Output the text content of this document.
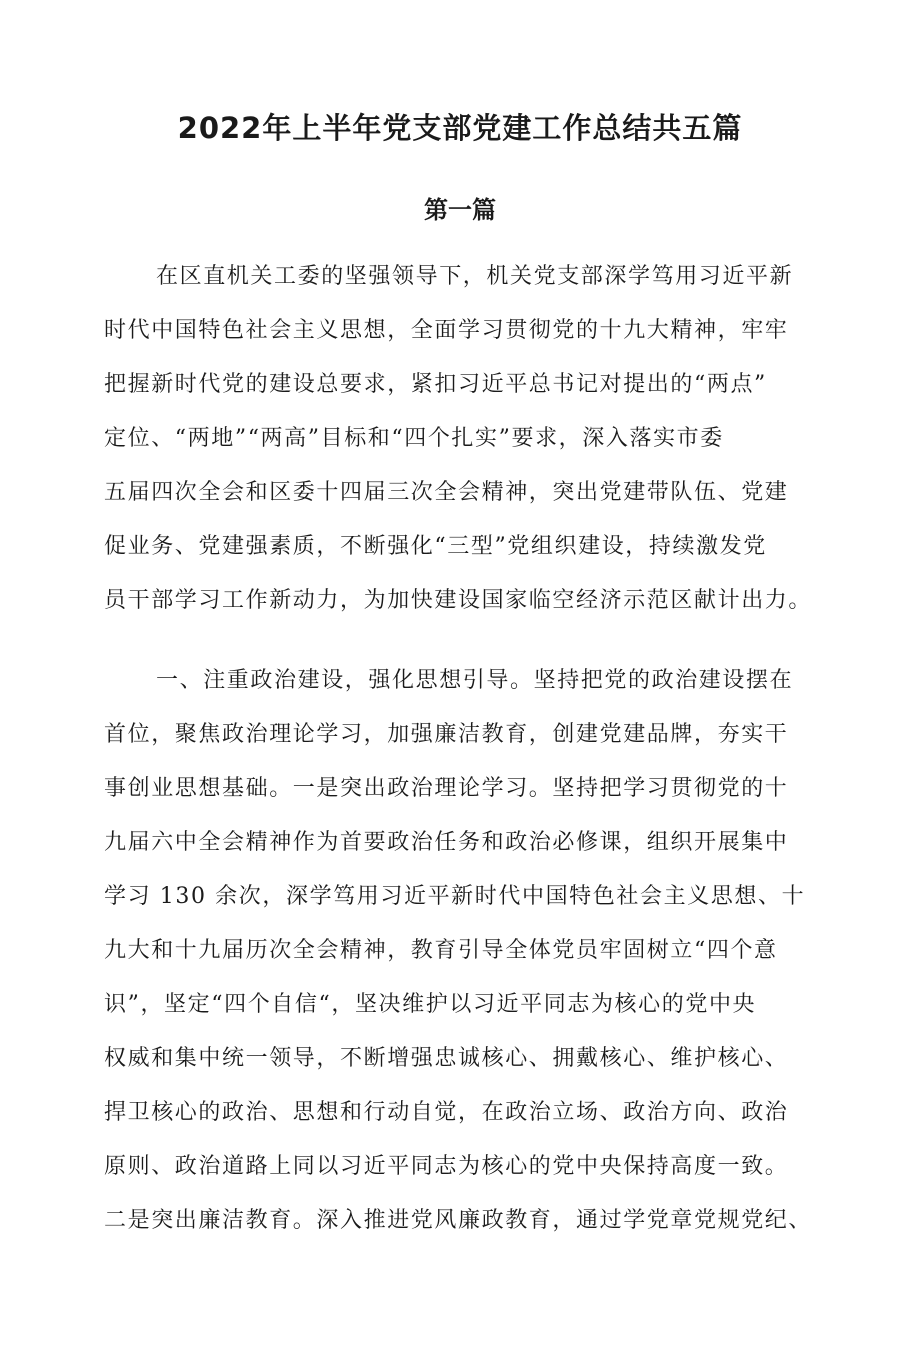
2022年上半年党支部党建工作总结共五篇
第一篇
在区直机关工委的坚强领导下，机关党支部深学笃用习近平新
时代中国特色社会主义思想，全面学习贯彻党的十九大精神，牢牢
把握新时代党的建设总要求，紧扣习近平总书记对提出的“两点”
定位、“两地”“两高”目标和“四个扎实”要求，深入落实市委
五届四次全会和区委十四届三次全会精神，突出党建带队伍、党建
促业务、党建强素质，不断强化“三型”党组织建设，持续激发党
员干部学习工作新动力，为加快建设国家临空经济示范区献计出力。
一、注重政治建设，强化思想引导。坚持把党的政治建设摆在
首位，聚焦政治理论学习，加强廉洁教育，创建党建品牌，夯实干
事创业思想基础。一是突出政治理论学习。坚持把学习贯彻党的十
九届六中全会精神作为首要政治任务和政治必修课，组织开展集中
学习 130 余次，深学笃用习近平新时代中国特色社会主义思想、十
九大和十九届历次全会精神，教育引导全体党员牢固树立“四个意
识”，坚定“四个自信“，坚决维护以习近平同志为核心的党中央
权威和集中统一领导，不断增强忠诚核心、拥戴核心、维护核心、
捍卫核心的政治、思想和行动自觉，在政治立场、政治方向、政治
原则、政治道路上同以习近平同志为核心的党中央保持高度一致。
二是突出廉洁教育。深入推进党风廉政教育，通过学党章党规党纪、
